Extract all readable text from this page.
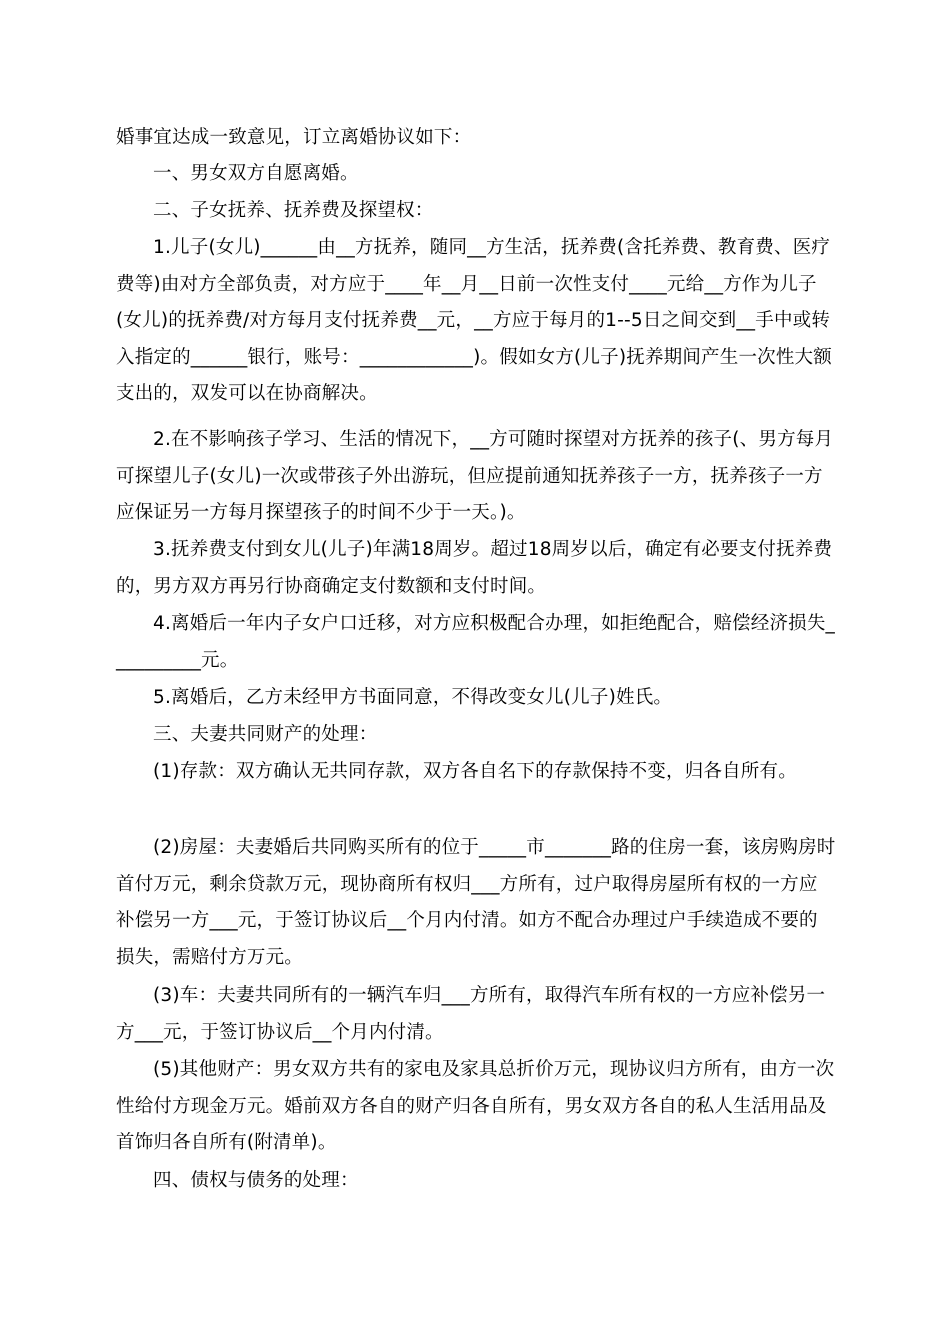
婚事宜达成一致意见，订立离婚协议如下：

一、男女双方自愿离婚。

二、子女抚养、抚养费及探望权：

1.儿子(女儿)______由__方抚养，随同__方生活，抚养费(含托养费、教育费、医疗费等)由对方全部负责，对方应于____年__月__日前一次性支付____元给__方作为儿子(女儿)的抚养费/对方每月支付抚养费__元，__方应于每月的1--5日之间交到__手中或转入指定的______银行，账号：____________)。假如女方(儿子)抚养期间产生一次性大额支出的，双发可以在协商解决。

2.在不影响孩子学习、生活的情况下，__方可随时探望对方抚养的孩子(、男方每月可探望儿子(女儿)一次或带孩子外出游玩，但应提前通知抚养孩子一方，抚养孩子一方应保证另一方每月探望孩子的时间不少于一天。)。

3.抚养费支付到女儿(儿子)年满18周岁。超过18周岁以后，确定有必要支付抚养费的，男方双方再另行协商确定支付数额和支付时间。

4.离婚后一年内子女户口迁移，对方应积极配合办理，如拒绝配合，赔偿经济损失__________元。

5.离婚后，乙方未经甲方书面同意，不得改变女儿(儿子)姓氏。

三、夫妻共同财产的处理：

(1)存款：双方确认无共同存款，双方各自名下的存款保持不变，归各自所有。

(2)房屋：夫妻婚后共同购买所有的位于_____市_______路的住房一套，该房购房时首付万元，剩余贷款万元，现协商所有权归___方所有，过户取得房屋所有权的一方应补偿另一方___元，于签订协议后__个月内付清。如方不配合办理过户手续造成不要的损失，需赔付方万元。

(3)车：夫妻共同所有的一辆汽车归___方所有，取得汽车所有权的一方应补偿另一方___元，于签订协议后__个月内付清。

(5)其他财产：男女双方共有的家电及家具总折价万元，现协议归方所有，由方一次性给付方现金万元。婚前双方各自的财产归各自所有，男女双方各自的私人生活用品及首饰归各自所有(附清单)。

四、债权与债务的处理：
